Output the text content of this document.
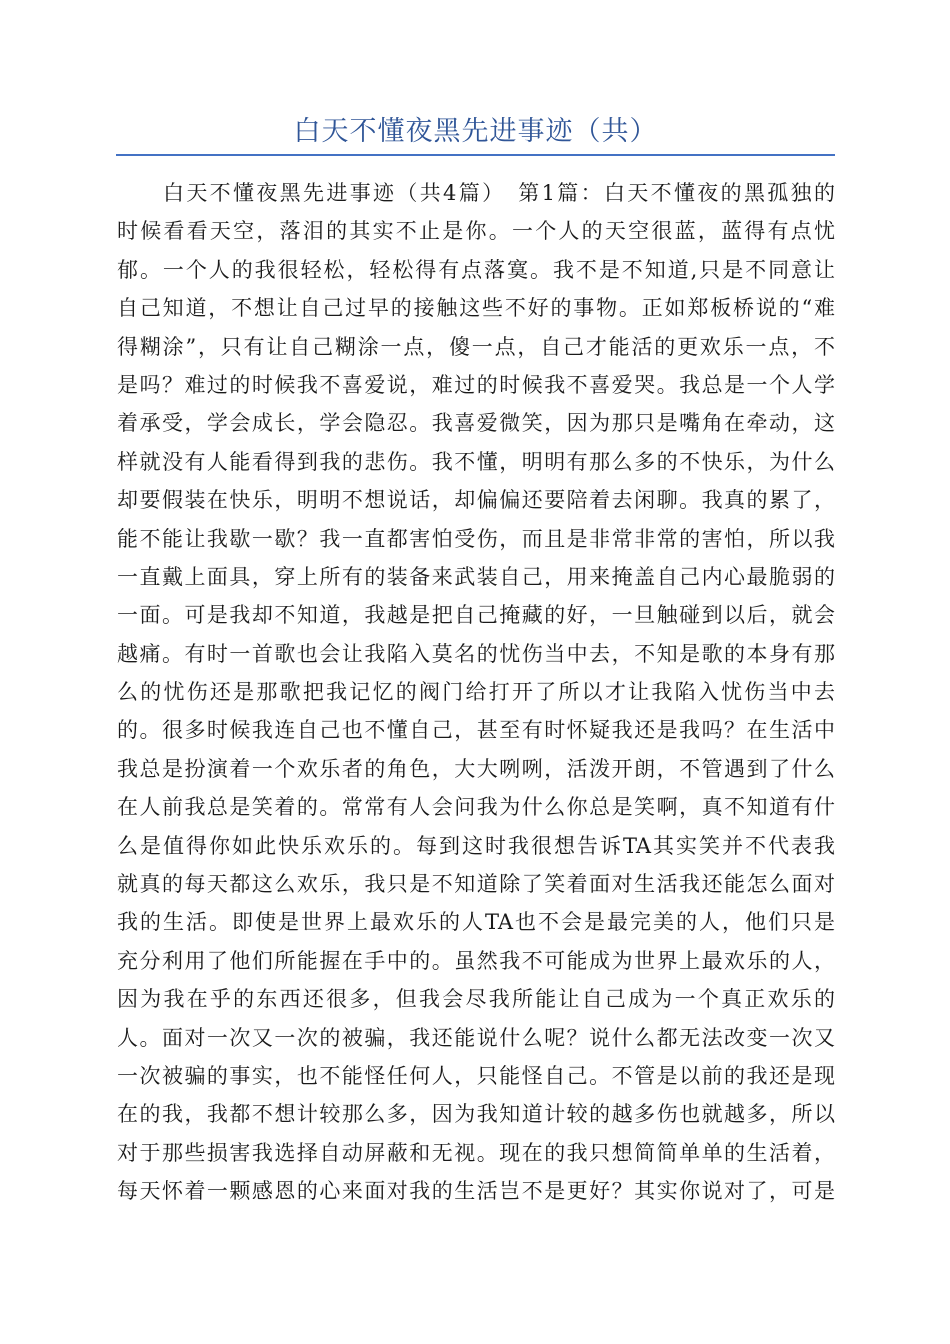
白天不懂夜黑先进事迹（共）
白天不懂夜黑先进事迹（共4篇）　第1篇：白天不懂夜的黑孤独的
时候看看天空，落泪的其实不止是你。一个人的天空很蓝，蓝得有点忧
郁。一个人的我很轻松，轻松得有点落寞。我不是不知道,只是不同意让
自己知道，不想让自己过早的接触这些不好的事物。正如郑板桥说的“难
得糊涂”，只有让自己糊涂一点，傻一点，自己才能活的更欢乐一点，不
是吗？难过的时候我不喜爱说，难过的时候我不喜爱哭。我总是一个人学
着承受，学会成长，学会隐忍。我喜爱微笑，因为那只是嘴角在牵动，这
样就没有人能看得到我的悲伤。我不懂，明明有那么多的不快乐，为什么
却要假装在快乐，明明不想说话，却偏偏还要陪着去闲聊。我真的累了，
能不能让我歇一歇？我一直都害怕受伤，而且是非常非常的害怕，所以我
一直戴上面具，穿上所有的装备来武装自己，用来掩盖自己内心最脆弱的
一面。可是我却不知道，我越是把自己掩藏的好，一旦触碰到以后，就会
越痛。有时一首歌也会让我陷入莫名的忧伤当中去，不知是歌的本身有那
么的忧伤还是那歌把我记忆的阀门给打开了所以才让我陷入忧伤当中去
的。很多时候我连自己也不懂自己，甚至有时怀疑我还是我吗？在生活中
我总是扮演着一个欢乐者的角色，大大咧咧，活泼开朗，不管遇到了什么
在人前我总是笑着的。常常有人会问我为什么你总是笑啊，真不知道有什
么是值得你如此快乐欢乐的。每到这时我很想告诉TA其实笑并不代表我
就真的每天都这么欢乐，我只是不知道除了笑着面对生活我还能怎么面对
我的生活。即使是世界上最欢乐的人TA也不会是最完美的人，他们只是
充分利用了他们所能握在手中的。虽然我不可能成为世界上最欢乐的人，
因为我在乎的东西还很多，但我会尽我所能让自己成为一个真正欢乐的
人。面对一次又一次的被骗，我还能说什么呢？说什么都无法改变一次又
一次被骗的事实，也不能怪任何人，只能怪自己。不管是以前的我还是现
在的我，我都不想计较那么多，因为我知道计较的越多伤也就越多，所以
对于那些损害我选择自动屏蔽和无视。现在的我只想简简单单的生活着，
每天怀着一颗感恩的心来面对我的生活岂不是更好？其实你说对了，可是
